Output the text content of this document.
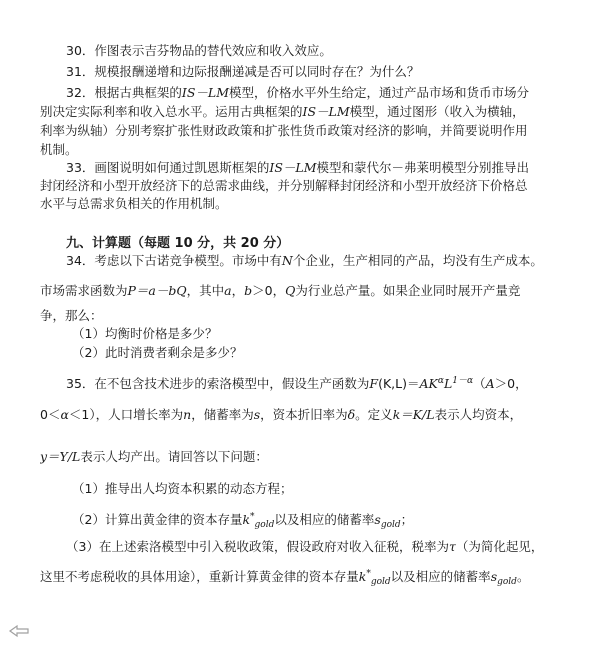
30．作图表示吉芬物品的替代效应和收入效应。
31．规模报酬递增和边际报酬递减是否可以同时存在？为什么？
32．根据古典框架的IS－LM模型，价格水平外生给定，通过产品市场和货币市场分
别决定实际利率和收入总水平。运用古典框架的IS－LM模型，通过图形（收入为横轴，
利率为纵轴）分别考察扩张性财政政策和扩张性货币政策对经济的影响，并简要说明作用
机制。
33．画图说明如何通过凯恩斯框架的IS－LM模型和蒙代尔－弗莱明模型分别推导出
封闭经济和小型开放经济下的总需求曲线，并分别解释封闭经济和小型开放经济下价格总
水平与总需求负相关的作用机制。
九、计算题（每题 10 分，共 20 分）
34．考虑以下古诺竞争模型。市场中有N个企业，生产相同的产品，均没有生产成本。
市场需求函数为P＝a－bQ，其中a，b＞0，Q为行业总产量。如果企业同时展开产量竞
争，那么：
（1）均衡时价格是多少？
（2）此时消费者剩余是多少？
35．在不包含技术进步的索洛模型中，假设生产函数为$F(K,L)=AK^\alpha L^{1-\alpha}(A>0$，
0＜α＜1），人口增长率为n，储蓄率为s，资本折旧率为δ。定义k＝K/L表示人均资本，
y＝Y/L表示人均产出。请回答以下问题：
（1）推导出人均资本积累的动态方程；
（2）计算出黄金律的资本存量$k^*_{gold}$以及相应的储蓄率$s_{gold}$；
（3）在上述索洛模型中引入税收政策，假设政府对收入征税，税率为τ（为简化起见，
这里不考虑税收的具体用途），重新计算黄金律的资本存量$k^*_{gold}$以及相应的储蓄率$s_{gold}$。
